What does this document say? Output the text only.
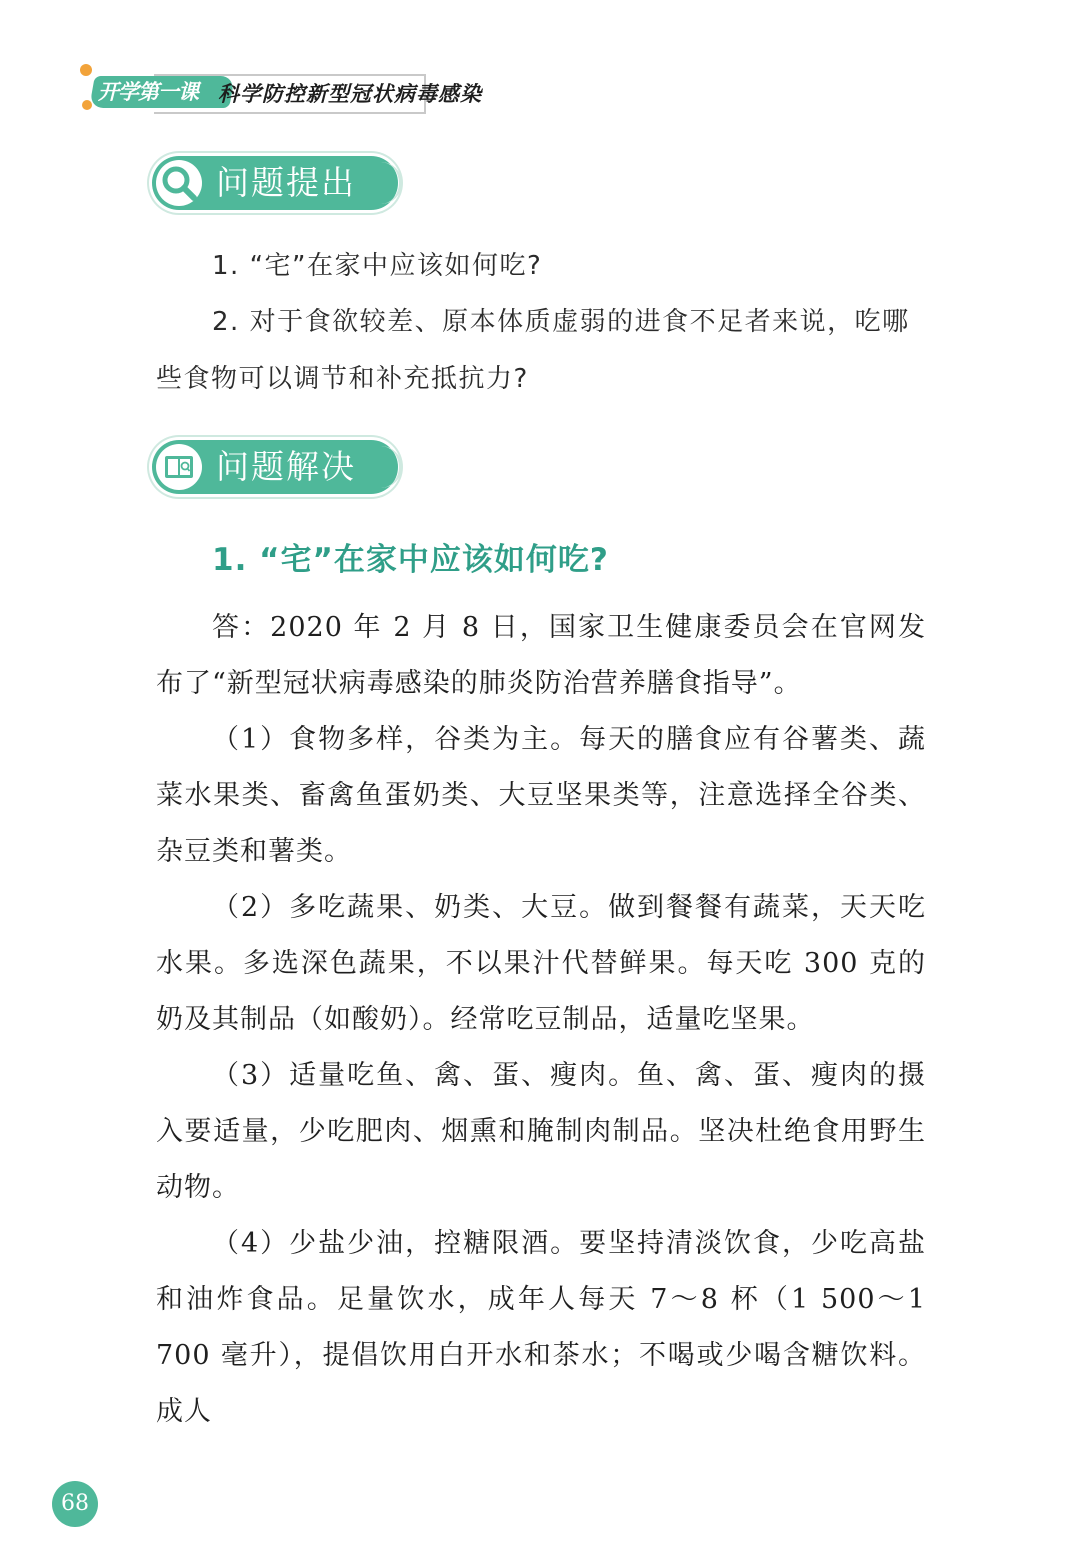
开学第一课 科学防控新型冠状病毒感染
问题提出
1. “宅”在家中应该如何吃?
2. 对于食欲较差、原本体质虚弱的进食不足者来说，吃哪些食物可以调节和补充抵抗力?
问题解决
1. “宅”在家中应该如何吃?

答：2020 年 2 月 8 日，国家卫生健康委员会在官网发布了“新型冠状病毒感染的肺炎防治营养膳食指导”。

（1）食物多样，谷类为主。每天的膳食应有谷薯类、蔬菜水果类、畜禽鱼蛋奶类、大豆坚果类等，注意选择全谷类、杂豆类和薯类。

（2）多吃蔬果、奶类、大豆。做到餐餐有蔬菜，天天吃水果。多选深色蔬果，不以果汁代替鲜果。每天吃 300 克的奶及其制品（如酸奶）。经常吃豆制品，适量吃坚果。

（3）适量吃鱼、禽、蛋、瘦肉。鱼、禽、蛋、瘦肉的摄入要适量，少吃肥肉、烟熏和腌制肉制品。坚决杜绝食用野生动物。

（4）少盐少油，控糖限酒。要坚持清淡饮食，少吃高盐和油炸食品。足量饮水，成年人每天 7～8 杯（1 500～1 700 毫升），提倡饮用白开水和茶水；不喝或少喝含糖饮料。成人

68
